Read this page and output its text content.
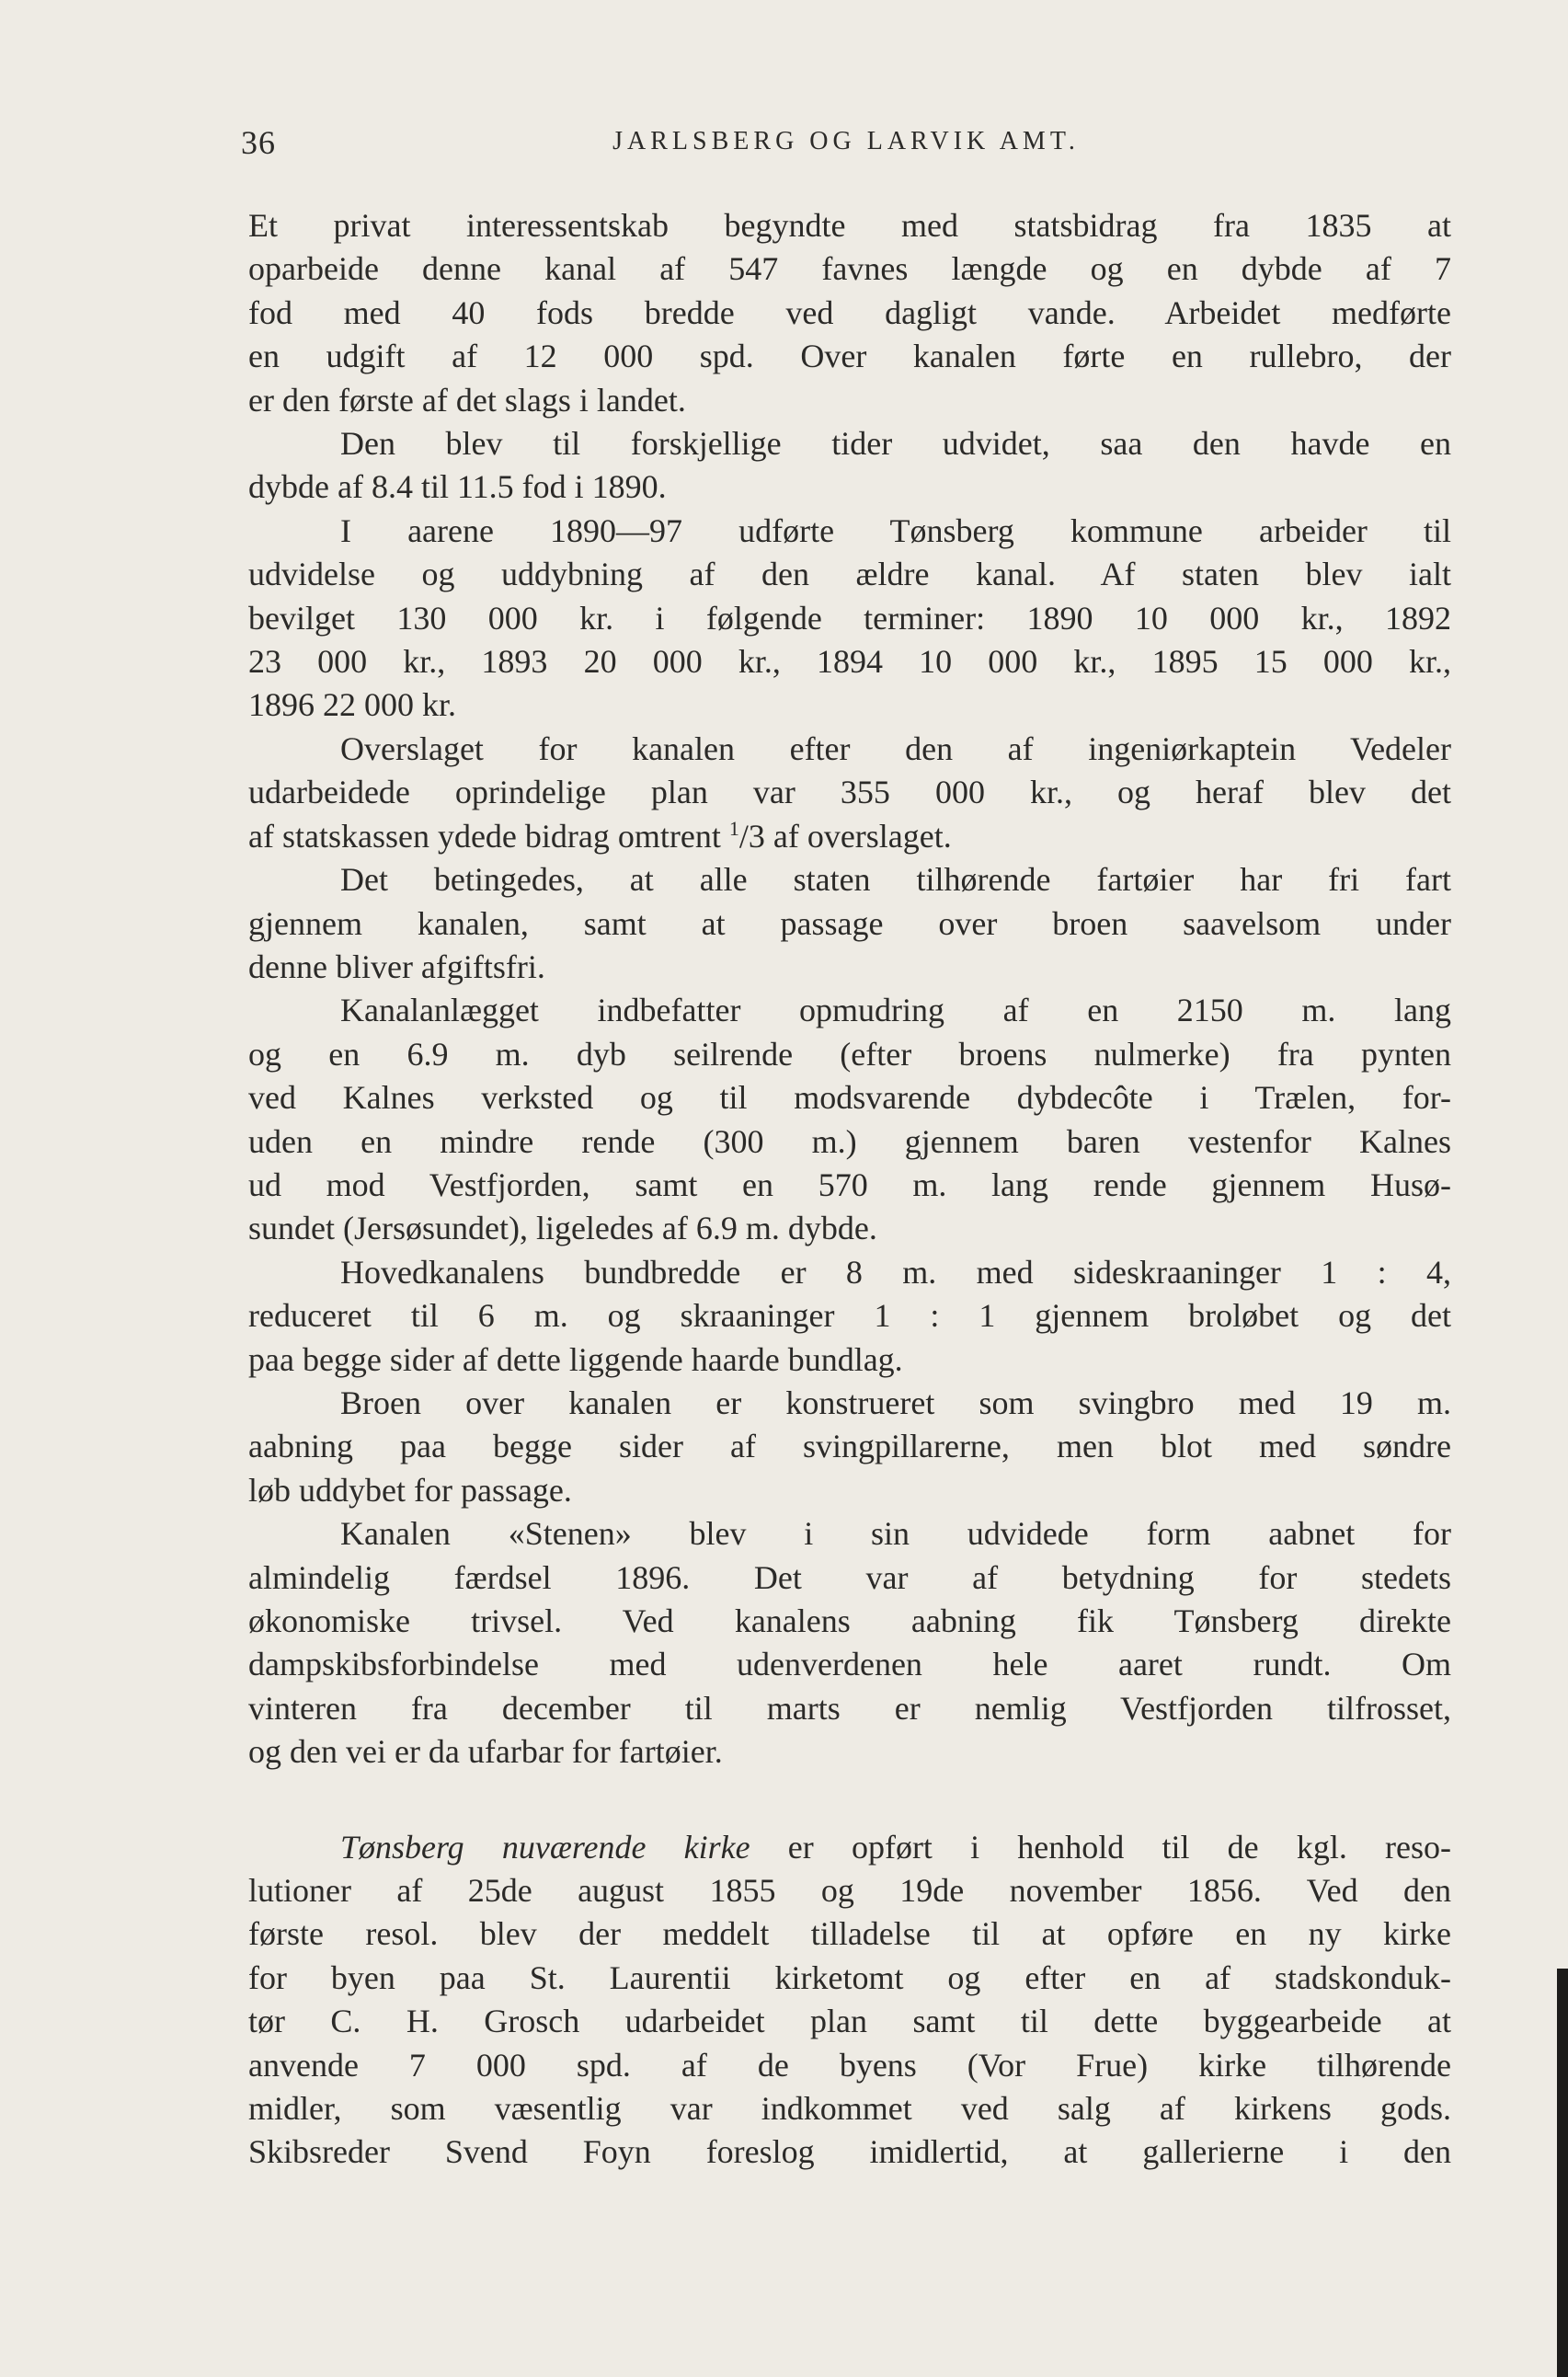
36	JARLSBERG OG LARVIK AMT.
Et privat interessentskab begyndte med statsbidrag fra 1835 at
oparbeide denne kanal af 547 favnes længde og en dybde af 7
fod med 40 fods bredde ved dagligt vande. Arbeidet medførte
en udgift af 12 000 spd. Over kanalen førte en rullebro, der
er den første af det slags i landet.
Den blev til forskjellige tider udvidet, saa den havde en
dybde af 8.4 til 11.5 fod i 1890.
I aarene 1890—97 udførte Tønsberg kommune arbeider til
udvidelse og uddybning af den ældre kanal. Af staten blev ialt
bevilget 130 000 kr. i følgende terminer: 1890 10 000 kr., 1892
23 000 kr., 1893 20 000 kr., 1894 10 000 kr., 1895 15 000 kr.,
1896 22 000 kr.
Overslaget for kanalen efter den af ingeniørkaptein Vedeler
udarbeidede oprindelige plan var 355 000 kr., og heraf blev det
af statskassen ydede bidrag omtrent $^1$/3 af overslaget.
Det betingedes, at alle staten tilhørende fartøier har fri fart
gjennem kanalen, samt at passage over broen saavelsom under
denne bliver afgiftsfri.
Kanalanlægget indbefatter opmudring af en 2150 m. lang
og en 6.9 m. dyb seilrende (efter broens nulmerke) fra pynten
ved Kalnes verksted og til modsvarende dybdecôte i Trælen, for-
uden en mindre rende (300 m.) gjennem baren vestenfor Kalnes
ud mod Vestfjorden, samt en 570 m. lang rende gjennem Husø-
sundet (Jersøsundet), ligeledes af 6.9 m. dybde.
Hovedkanalens bundbredde er 8 m. med sideskraaninger 1 : 4,
reduceret til 6 m. og skraaninger 1 : 1 gjennem broløbet og det
paa begge sider af dette liggende haarde bundlag.
Broen over kanalen er konstrueret som svingbro med 19 m.
aabning paa begge sider af svingpillarerne, men blot med søndre
løb uddybet for passage.
Kanalen «Stenen» blev i sin udvidede form aabnet for
almindelig færdsel 1896. Det var af betydning for stedets
økonomiske trivsel. Ved kanalens aabning fik Tønsberg direkte
dampskibsforbindelse med udenverdenen hele aaret rundt. Om
vinteren fra december til marts er nemlig Vestfjorden tilfrosset,
og den vei er da ufarbar for fartøier.
Tønsberg nuværende kirke er opført i henhold til de kgl. reso-
lutioner af 25de august 1855 og 19de november 1856. Ved den
første resol. blev der meddelt tilladelse til at opføre en ny kirke
for byen paa St. Laurentii kirketomt og efter en af stadskonduk-
tør C. H. Grosch udarbeidet plan samt til dette byggearbeide at
anvende 7 000 spd. af de byens (Vor Frue) kirke tilhørende
midler, som væsentlig var indkommet ved salg af kirkens gods.
Skibsreder Svend Foyn foreslog imidlertid, at gallerierne i den
